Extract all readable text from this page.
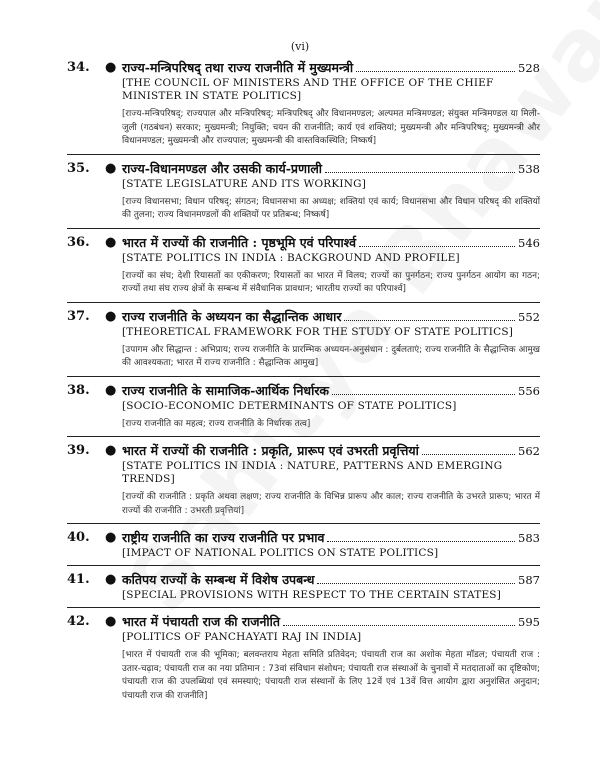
(vi)
34. ● राज्य-मन्त्रिपरिषद् तथा राज्य राजनीति में मुख्यमन्त्री	528
[THE COUNCIL OF MINISTERS AND THE OFFICE OF THE CHIEF MINISTER IN STATE POLITICS]
[राज्य-मन्त्रिपरिषद्; राज्यपाल और मन्त्रिपरिषद्; मन्त्रिपरिषद् और विधानमण्डल; अल्पमत मन्त्रिमण्डल; संयुक्त मन्त्रिमण्डल या मिली-जुली (गठबंधन) सरकार; मुख्यमन्त्री; नियुक्ति; चयन की राजनीति; कार्य एवं शक्तियां; मुख्यमन्त्री और मन्त्रिपरिषद्; मुख्यमन्त्री और विधानमण्डल; मुख्यमन्त्री और राज्यपाल; मुख्यमन्त्री की वास्तविकस्थिति; निष्कर्ष]
35. ● राज्य-विधानमण्डल और उसकी कार्य-प्रणाली	538
[STATE LEGISLATURE AND ITS WORKING]
[राज्य विधानसभा; विधान परिषद्; संगठन; विधानसभा का अध्यक्ष; शक्तियां एवं कार्य; विधानसभा और विधान परिषद् की शक्तियों की तुलना; राज्य विधानमण्डलों की शक्तियों पर प्रतिबन्ध; निष्कर्ष]
36. ● भारत में राज्यों की राजनीति : पृष्ठभूमि एवं परिपार्श्व	546
[STATE POLITICS IN INDIA : BACKGROUND AND PROFILE]
[राज्यों का संघ; देशी रियासतों का एकीकरण; रियासतों का भारत में विलय; राज्यों का पुनर्गठन; राज्य पुनर्गठन आयोग का गठन; राज्यों तथा संघ राज्य क्षेत्रों के सम्बन्ध में संवैधानिक प्रावधान; भारतीय राज्यों का परिपार्श्व]
37. ● राज्य राजनीति के अध्ययन का सैद्धान्तिक आधार	552
[THEORETICAL FRAMEWORK FOR THE STUDY OF STATE POLITICS]
[उपागम और सिद्धान्त : अभिप्राय; राज्य राजनीति के प्रारम्भिक अध्ययन-अनुसंधान : दुर्बलताएं; राज्य राजनीति के सैद्धान्तिक आमुख की आवश्यकता; भारत में राज्य राजनीति : सैद्धान्तिक आमुख]
38. ● राज्य राजनीति के सामाजिक-आर्थिक निर्धारक	556
[SOCIO-ECONOMIC DETERMINANTS OF STATE POLITICS]
[राज्य राजनीति का महत्व; राज्य राजनीति के निर्धारक तत्व]
39. ● भारत में राज्यों की राजनीति : प्रकृति, प्रारूप एवं उभरती प्रवृत्तियां	562
[STATE POLITICS IN INDIA : NATURE, PATTERNS AND EMERGING TRENDS]
[राज्यों की राजनीति : प्रकृति अथवा लक्षण; राज्य राजनीति के विभिन्न प्रारूप और काल; राज्य राजनीति के उभरते प्रारूप; भारत में राज्यों की राजनीति : उभरती प्रवृत्तियां]
40. ● राष्ट्रीय राजनीति का राज्य राजनीति पर प्रभाव	583
[IMPACT OF NATIONAL POLITICS ON STATE POLITICS]
41. ● कतिपय राज्यों के सम्बन्ध में विशेष उपबन्ध	587
[SPECIAL PROVISIONS WITH RESPECT TO THE CERTAIN STATES]
42. ● भारत में पंचायती राज की राजनीति	595
[POLITICS OF PANCHAYATI RAJ IN INDIA]
[भारत में पंचायती राज की भूमिका; बलवन्तराय मेहता समिति प्रतिवेदन; पंचायती राज का अशोक मेहता मॉडल; पंचायती राज : उतार-चढ़ाव; पंचायती राज का नया प्रतिमान : 73वां संविधान संशोधन; पंचायती राज संस्थाओं के चुनावों में मतदाताओं का दृष्टिकोण; पंचायती राज की उपलब्धियां एवं समस्याएं; पंचायती राज संस्थानों के लिए 12वें एवं 13वें वित्त आयोग द्वारा अनुशंसित अनुदान; पंचायती राज की राजनीति]
